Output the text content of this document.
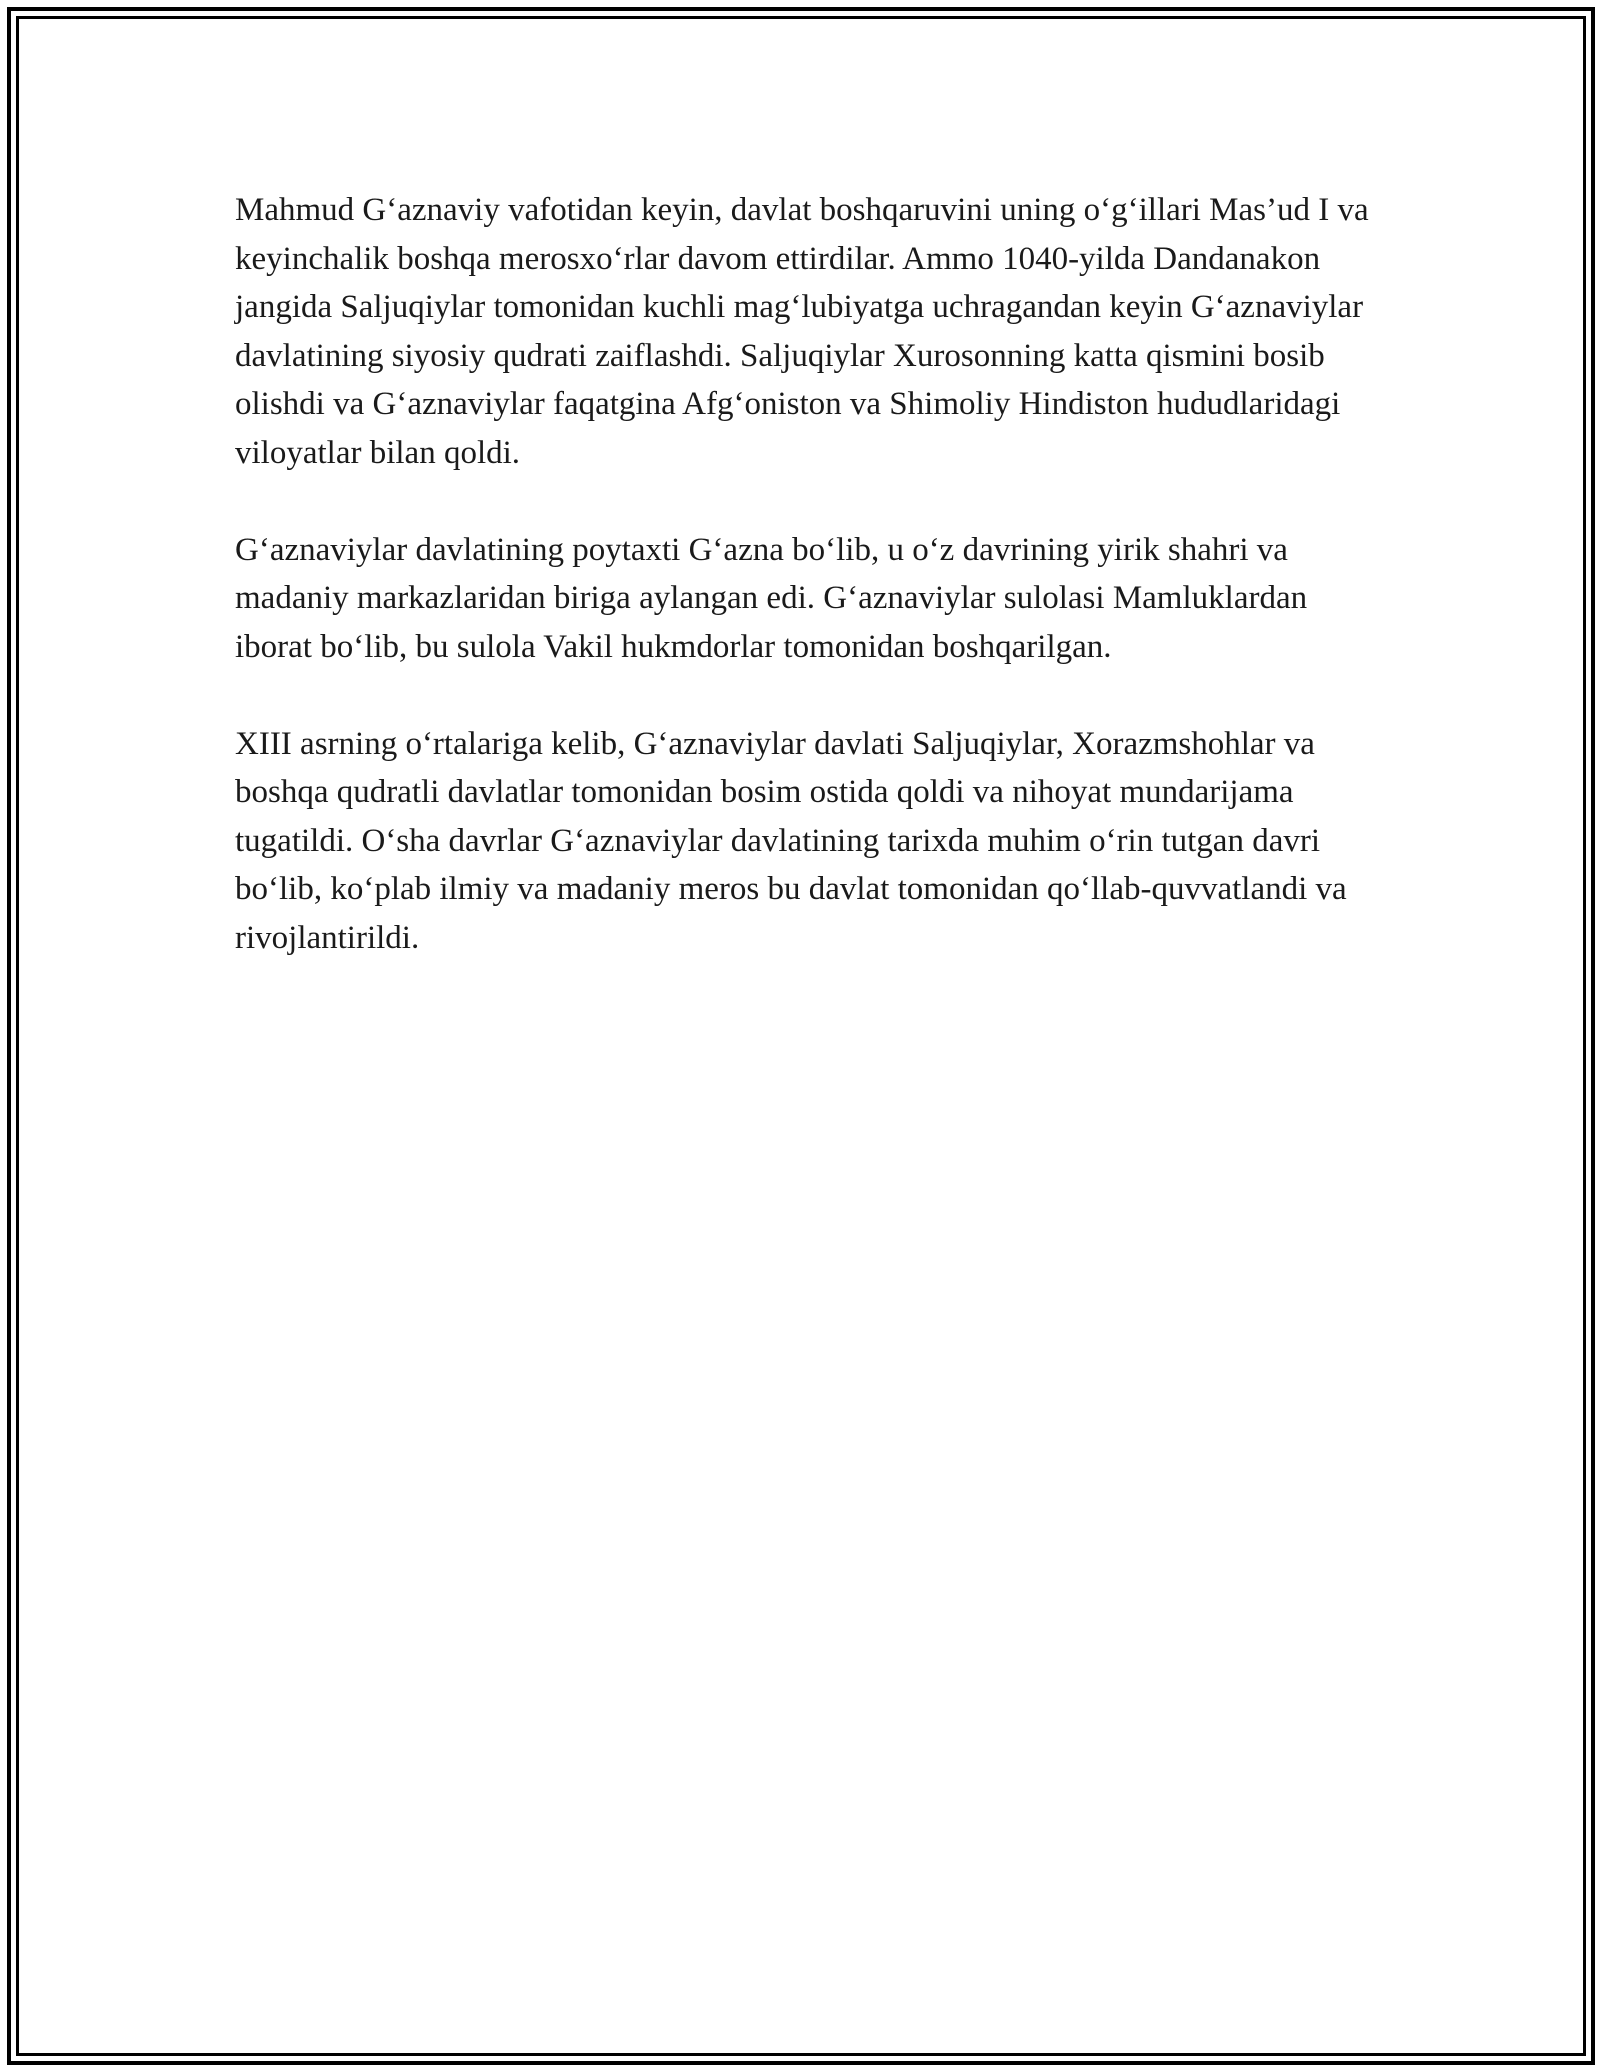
Mahmud G‘aznaviy vafotidan keyin, davlat boshqaruvini uning o‘g‘illari Mas’ud I va keyinchalik boshqa merosxo‘rlar davom ettirdilar. Ammo 1040-yilda Dandanakon jangida Saljuqiylar tomonidan kuchli mag‘lubiyatga uchragandan keyin G‘aznaviylar davlatining siyosiy qudrati zaiflashdi. Saljuqiylar Xurosonning katta qismini bosib olishdi va G‘aznaviylar faqatgina Afg‘oniston va Shimoliy Hindiston hududlaridagi viloyatlar bilan qoldi.

G‘aznaviylar davlatining poytaxti G‘azna bo‘lib, u o‘z davrining yirik shahri va madaniy markazlaridan biriga aylangan edi. G‘aznaviylar sulolasi Mamluklardan iborat bo‘lib, bu sulola Vakil hukmdorlar tomonidan boshqarilgan.

XIII asrning o‘rtalariga kelib, G‘aznaviylar davlati Saljuqiylar, Xorazmshohlar va boshqa qudratli davlatlar tomonidan bosim ostida qoldi va nihoyat mundarijama tugatildi. O‘sha davrlar G‘aznaviylar davlatining tarixda muhim o‘rin tutgan davri bo‘lib, ko‘plab ilmiy va madaniy meros bu davlat tomonidan qo‘llab-quvvatlandi va rivojlantirildi.
